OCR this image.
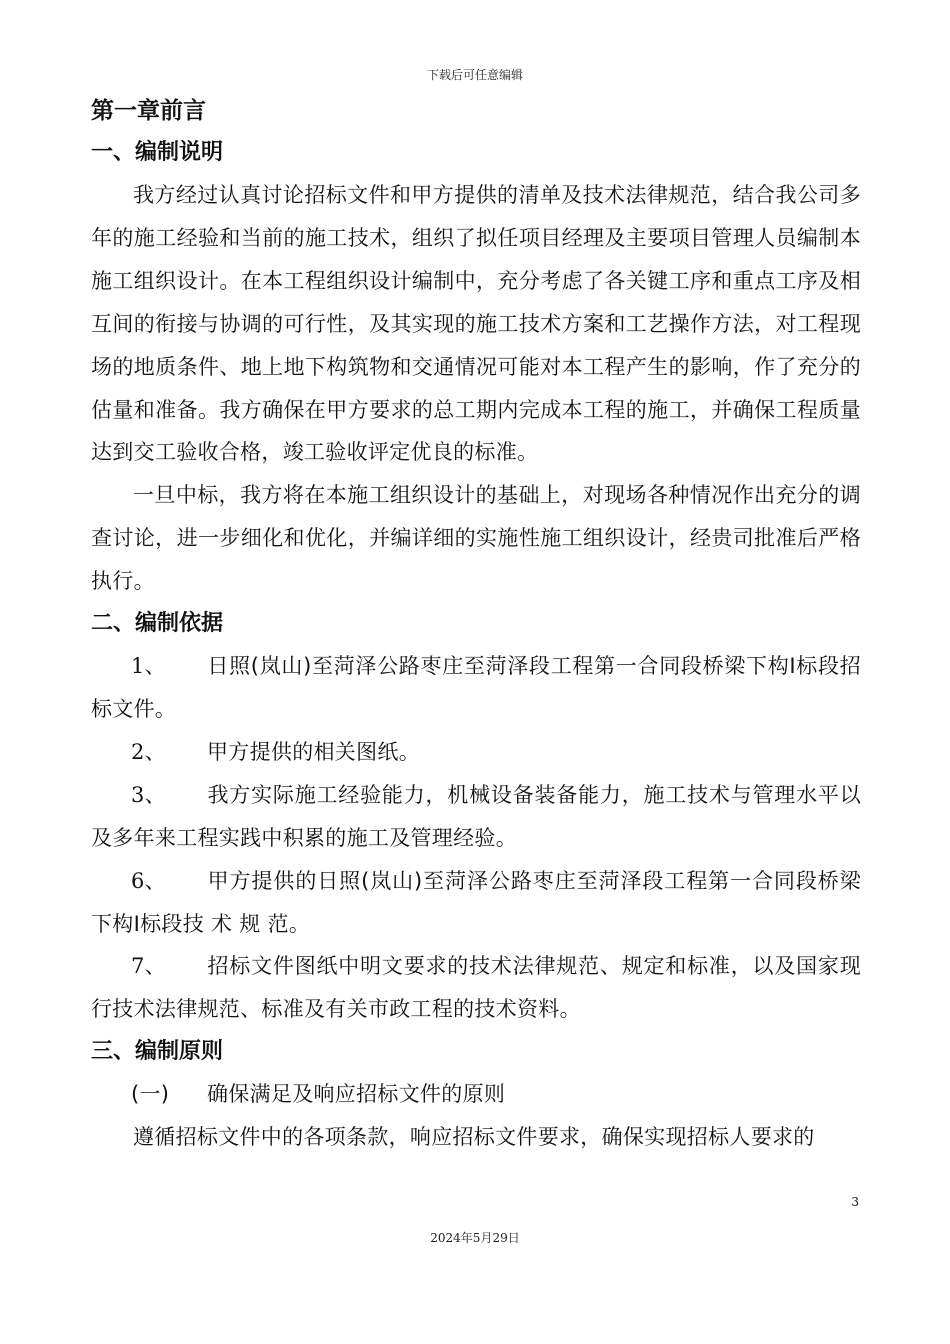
下载后可任意编辑
第一章前言
一、编制说明

我方经过认真讨论招标文件和甲方提供的清单及技术法律规范，结合我公司多年的施工经验和当前的施工技术，组织了拟任项目经理及主要项目管理人员编制本施工组织设计。在本工程组织设计编制中，充分考虑了各关键工序和重点工序及相互间的衔接与协调的可行性，及其实现的施工技术方案和工艺操作方法，对工程现场的地质条件、地上地下构筑物和交通情况可能对本工程产生的影响，作了充分的估量和准备。我方确保在甲方要求的总工期内完成本工程的施工，并确保工程质量达到交工验收合格，竣工验收评定优良的标准。

一旦中标，我方将在本施工组织设计的基础上，对现场各种情况作出充分的调查讨论，进一步细化和优化，并编详细的实施性施工组织设计，经贵司批准后严格执行。

二、编制依据

1、 日照(岚山)至菏泽公路枣庄至菏泽段工程第一合同段桥梁下构Ⅰ标段招标文件。

2、 甲方提供的相关图纸。

3、 我方实际施工经验能力，机械设备装备能力，施工技术与管理水平以及多年来工程实践中积累的施工及管理经验。

6、 甲方提供的日照(岚山)至菏泽公路枣庄至菏泽段工程第一合同段桥梁下构Ⅰ标段技 术 规 范。

7、 招标文件图纸中明文要求的技术法律规范、规定和标准，以及国家现行技术法律规范、标准及有关市政工程的技术资料。

三、编制原则

(一) 确保满足及响应招标文件的原则

遵循招标文件中的各项条款，响应招标文件要求，确保实现招标人要求的

3
2024年5月29日
